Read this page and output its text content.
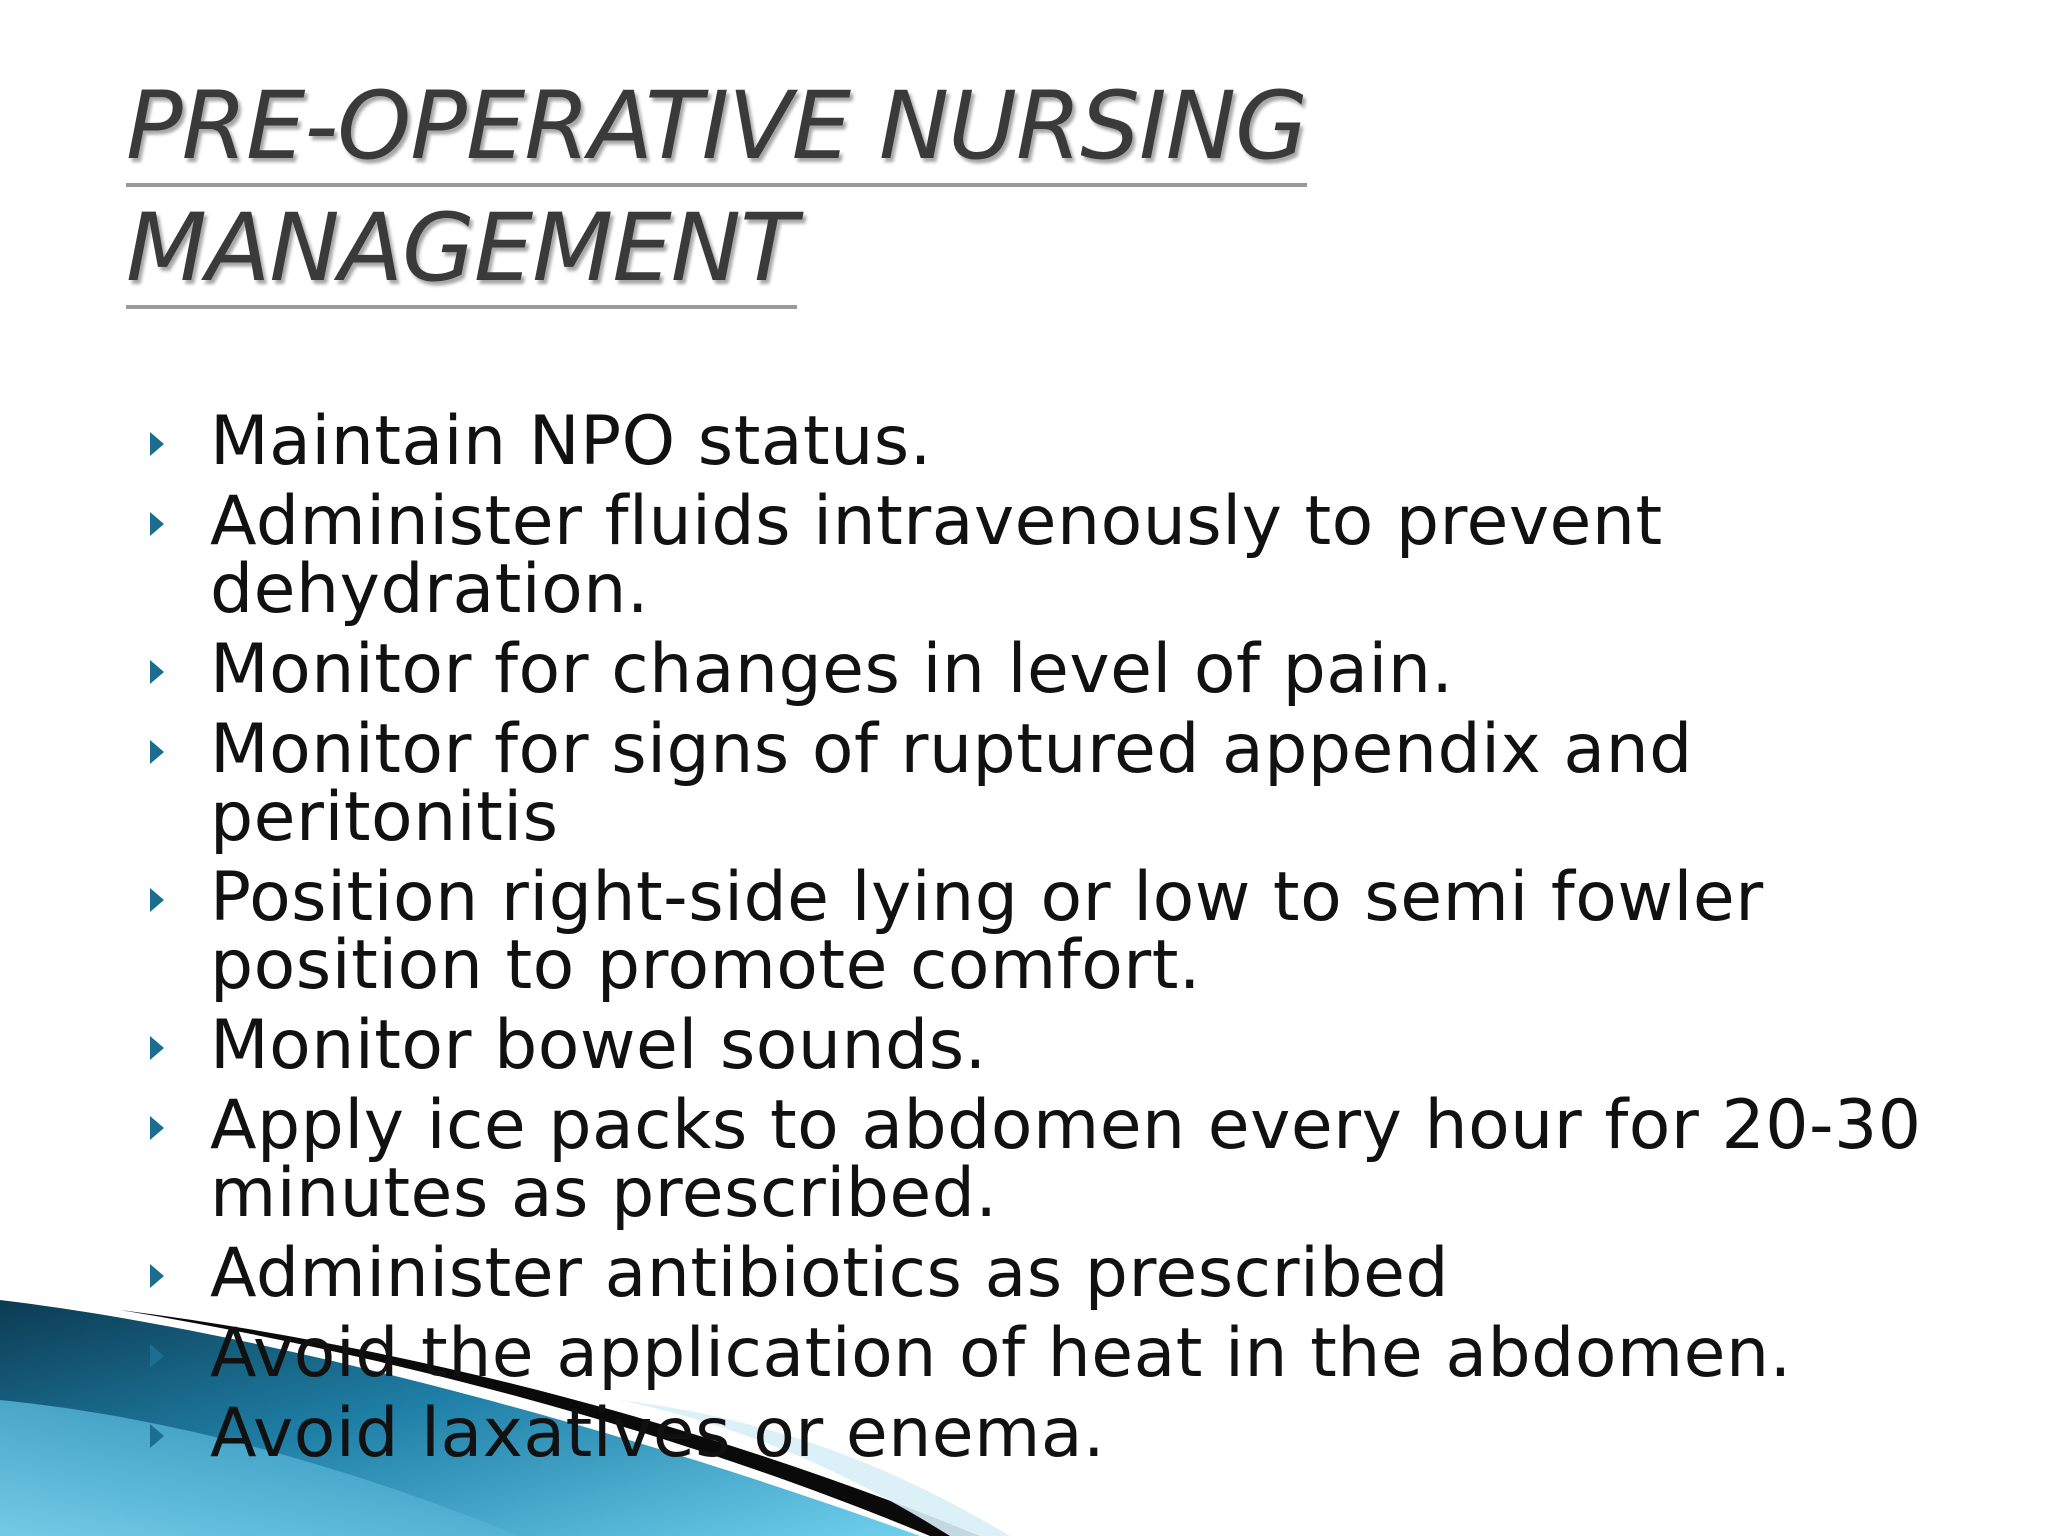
PRE-OPERATIVE NURSING
MANAGEMENT
Maintain NPO status.
Administer fluids intravenously to prevent dehydration.
Monitor for changes in level of pain.
Monitor for signs of ruptured appendix and peritonitis
Position right-side lying or low to semi fowler position to promote comfort.
Monitor bowel sounds.
Apply ice packs to abdomen every hour for 20-30 minutes as prescribed.
Administer antibiotics as prescribed
Avoid the application of heat in the abdomen.
Avoid laxatives or enema.
